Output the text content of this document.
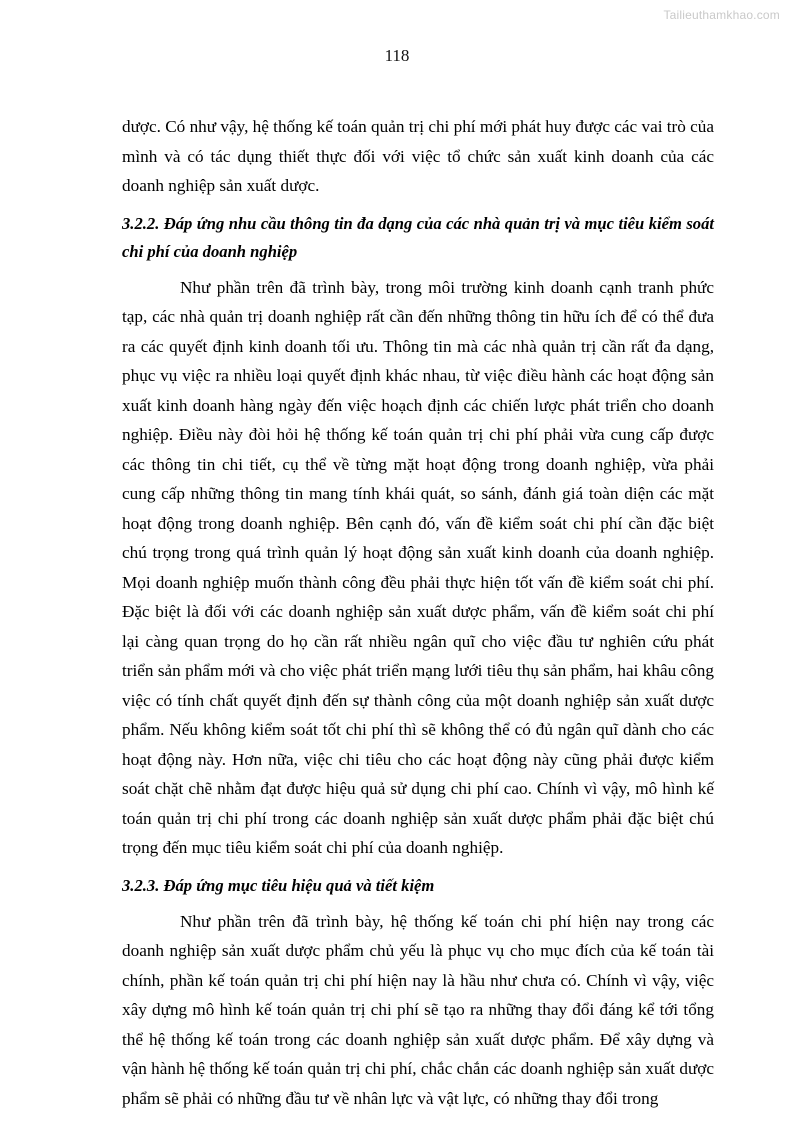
Tailieuthamkhao.com
118

dược. Có như vậy, hệ thống kế toán quản trị chi phí mới phát huy được các vai trò của mình và có tác dụng thiết thực đối với việc tổ chức sản xuất kinh doanh của các doanh nghiệp sản xuất dược.

3.2.2. Đáp ứng nhu cầu thông tin đa dạng của các nhà quản trị và mục tiêu kiểm soát chi phí của doanh nghiệp

Như phần trên đã trình bày, trong môi trường kinh doanh cạnh tranh phức tạp, các nhà quản trị doanh nghiệp rất cần đến những thông tin hữu ích để có thể đưa ra các quyết định kinh doanh tối ưu. Thông tin mà các nhà quản trị cần rất đa dạng, phục vụ việc ra nhiều loại quyết định khác nhau, từ việc điều hành các hoạt động sản xuất kinh doanh hàng ngày đến việc hoạch định các chiến lược phát triển cho doanh nghiệp. Điều này đòi hỏi hệ thống kế toán quản trị chi phí phải vừa cung cấp được các thông tin chi tiết, cụ thể về từng mặt hoạt động trong doanh nghiệp, vừa phải cung cấp những thông tin mang tính khái quát, so sánh, đánh giá toàn diện các mặt hoạt động trong doanh nghiệp. Bên cạnh đó, vấn đề kiểm soát chi phí cần đặc biệt chú trọng trong quá trình quản lý hoạt động sản xuất kinh doanh của doanh nghiệp. Mọi doanh nghiệp muốn thành công đều phải thực hiện tốt vấn đề kiểm soát chi phí. Đặc biệt là đối với các doanh nghiệp sản xuất dược phẩm, vấn đề kiểm soát chi phí lại càng quan trọng do họ cần rất nhiều ngân quĩ cho việc đầu tư nghiên cứu phát triển sản phẩm mới và cho việc phát triển mạng lưới tiêu thụ sản phẩm, hai khâu công việc có tính chất quyết định đến sự thành công của một doanh nghiệp sản xuất dược phẩm. Nếu không kiểm soát tốt chi phí thì sẽ không thể có đủ ngân quĩ dành cho các hoạt động này. Hơn nữa, việc chi tiêu cho các hoạt động này cũng phải được kiểm soát chặt chẽ nhằm đạt được hiệu quả sử dụng chi phí cao. Chính vì vậy, mô hình kế toán quản trị chi phí trong các doanh nghiệp sản xuất dược phẩm phải đặc biệt chú trọng đến mục tiêu kiểm soát chi phí của doanh nghiệp.

3.2.3. Đáp ứng mục tiêu hiệu quả và tiết kiệm

Như phần trên đã trình bày, hệ thống kế toán chi phí hiện nay trong các doanh nghiệp sản xuất dược phẩm chủ yếu là phục vụ cho mục đích của kế toán tài chính, phần kế toán quản trị chi phí hiện nay là hầu như chưa có. Chính vì vậy, việc xây dựng mô hình kế toán quản trị chi phí sẽ tạo ra những thay đổi đáng kể tới tổng thể hệ thống kế toán trong các doanh nghiệp sản xuất dược phẩm. Để xây dựng và vận hành hệ thống kế toán quản trị chi phí, chắc chắn các doanh nghiệp sản xuất dược phẩm sẽ phải có những đầu tư về nhân lực và vật lực, có những thay đổi trong
